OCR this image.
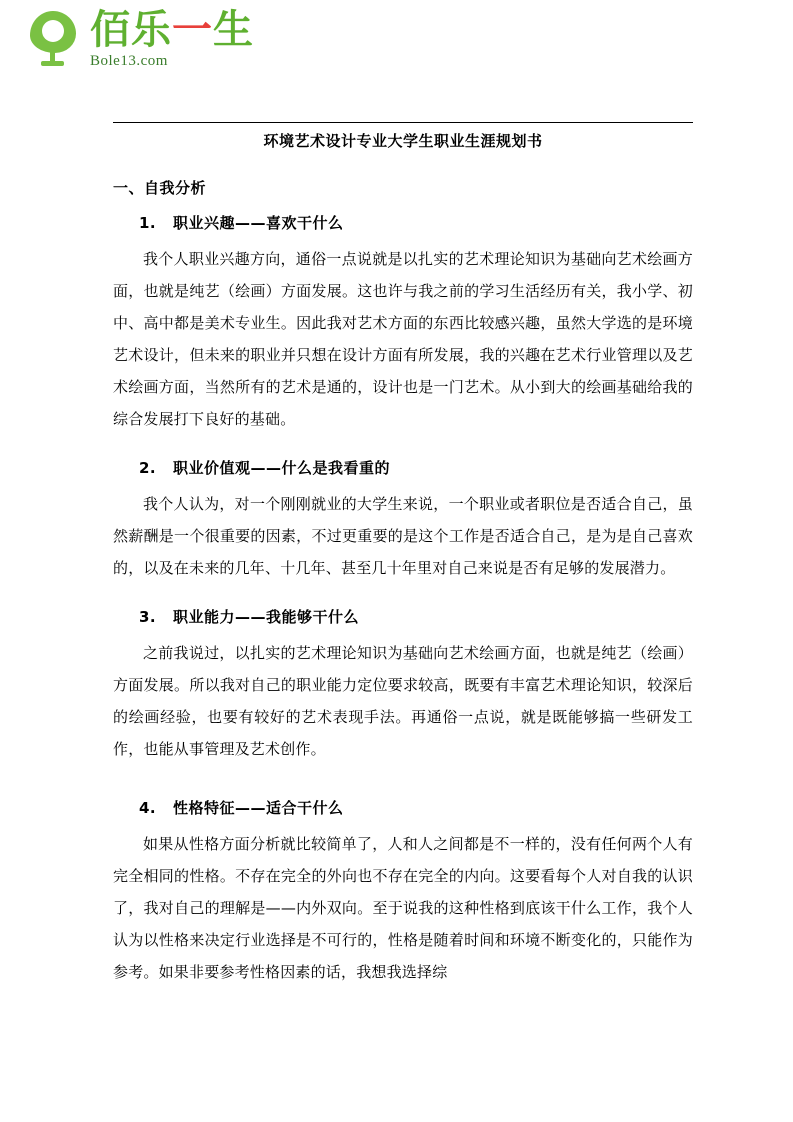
佰乐一生
Bole13.com
环境艺术设计专业大学生职业生涯规划书
一、自我分析
1. 职业兴趣——喜欢干什么

我个人职业兴趣方向，通俗一点说就是以扎实的艺术理论知识为基础向艺术绘画方面，也就是纯艺（绘画）方面发展。这也许与我之前的学习生活经历有关，我小学、初中、高中都是美术专业生。因此我对艺术方面的东西比较感兴趣，虽然大学选的是环境艺术设计，但未来的职业并只想在设计方面有所发展，我的兴趣在艺术行业管理以及艺术绘画方面，当然所有的艺术是通的，设计也是一门艺术。从小到大的绘画基础给我的综合发展打下良好的基础。

2. 职业价值观——什么是我看重的

我个人认为，对一个刚刚就业的大学生来说，一个职业或者职位是否适合自己，虽然薪酬是一个很重要的因素，不过更重要的是这个工作是否适合自己，是为是自己喜欢的，以及在未来的几年、十几年、甚至几十年里对自己来说是否有足够的发展潜力。

3. 职业能力——我能够干什么

之前我说过，以扎实的艺术理论知识为基础向艺术绘画方面，也就是纯艺（绘画）方面发展。所以我对自己的职业能力定位要求较高，既要有丰富艺术理论知识，较深后的绘画经验，也要有较好的艺术表现手法。再通俗一点说，就是既能够搞一些研发工作，也能从事管理及艺术创作。

4. 性格特征——适合干什么

如果从性格方面分析就比较简单了，人和人之间都是不一样的，没有任何两个人有完全相同的性格。不存在完全的外向也不存在完全的内向。这要看每个人对自我的认识了，我对自己的理解是——内外双向。至于说我的这种性格到底该干什么工作，我个人认为以性格来决定行业选择是不可行的，性格是随着时间和环境不断变化的，只能作为参考。如果非要参考性格因素的话，我想我选择综
